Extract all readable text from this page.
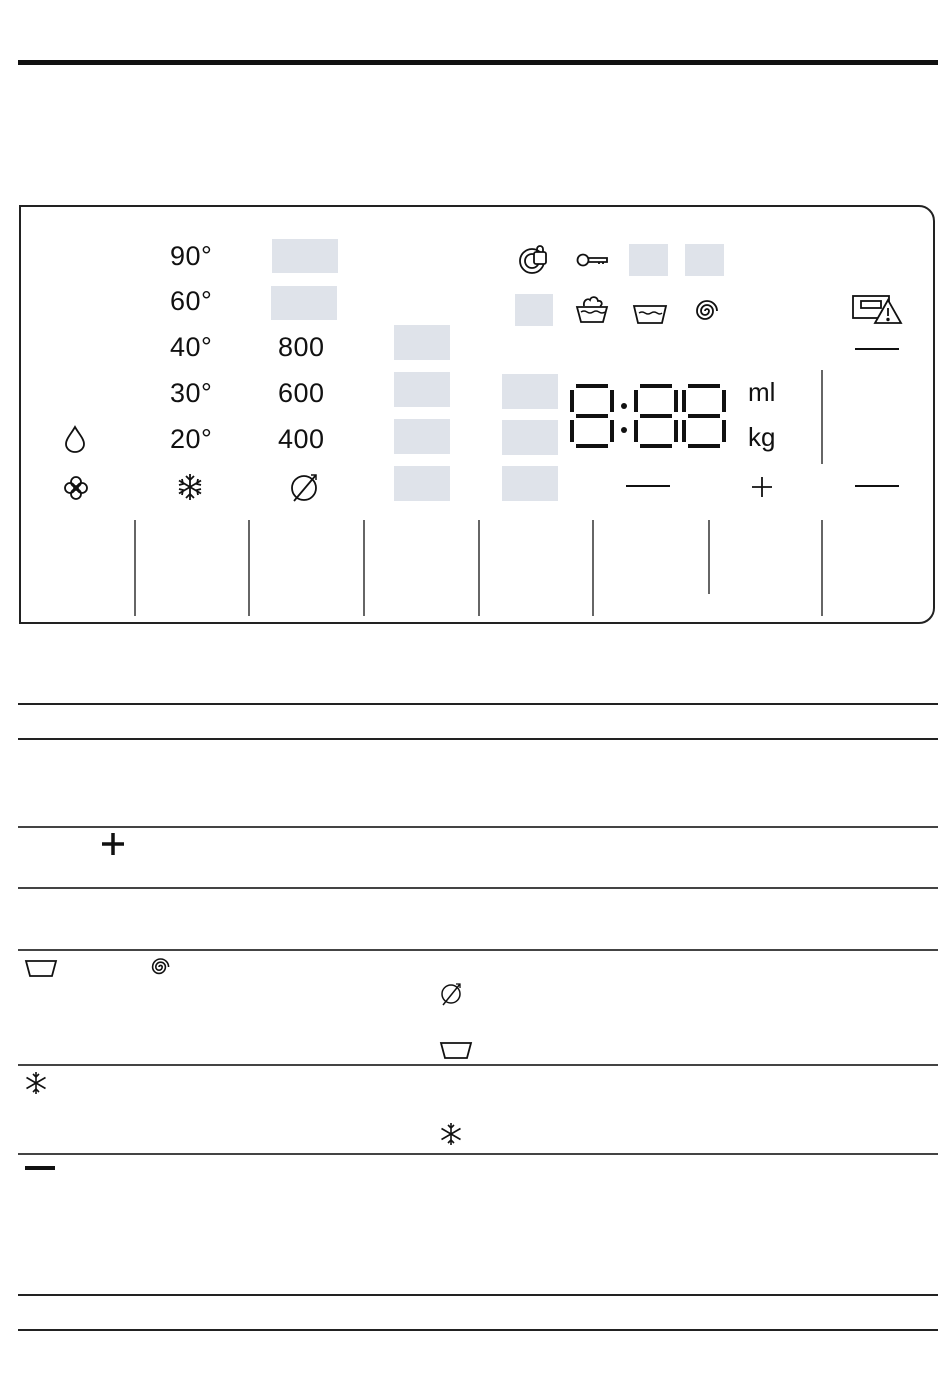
90°
60°
40°
30°
20°
800
600
400
ml
kg
